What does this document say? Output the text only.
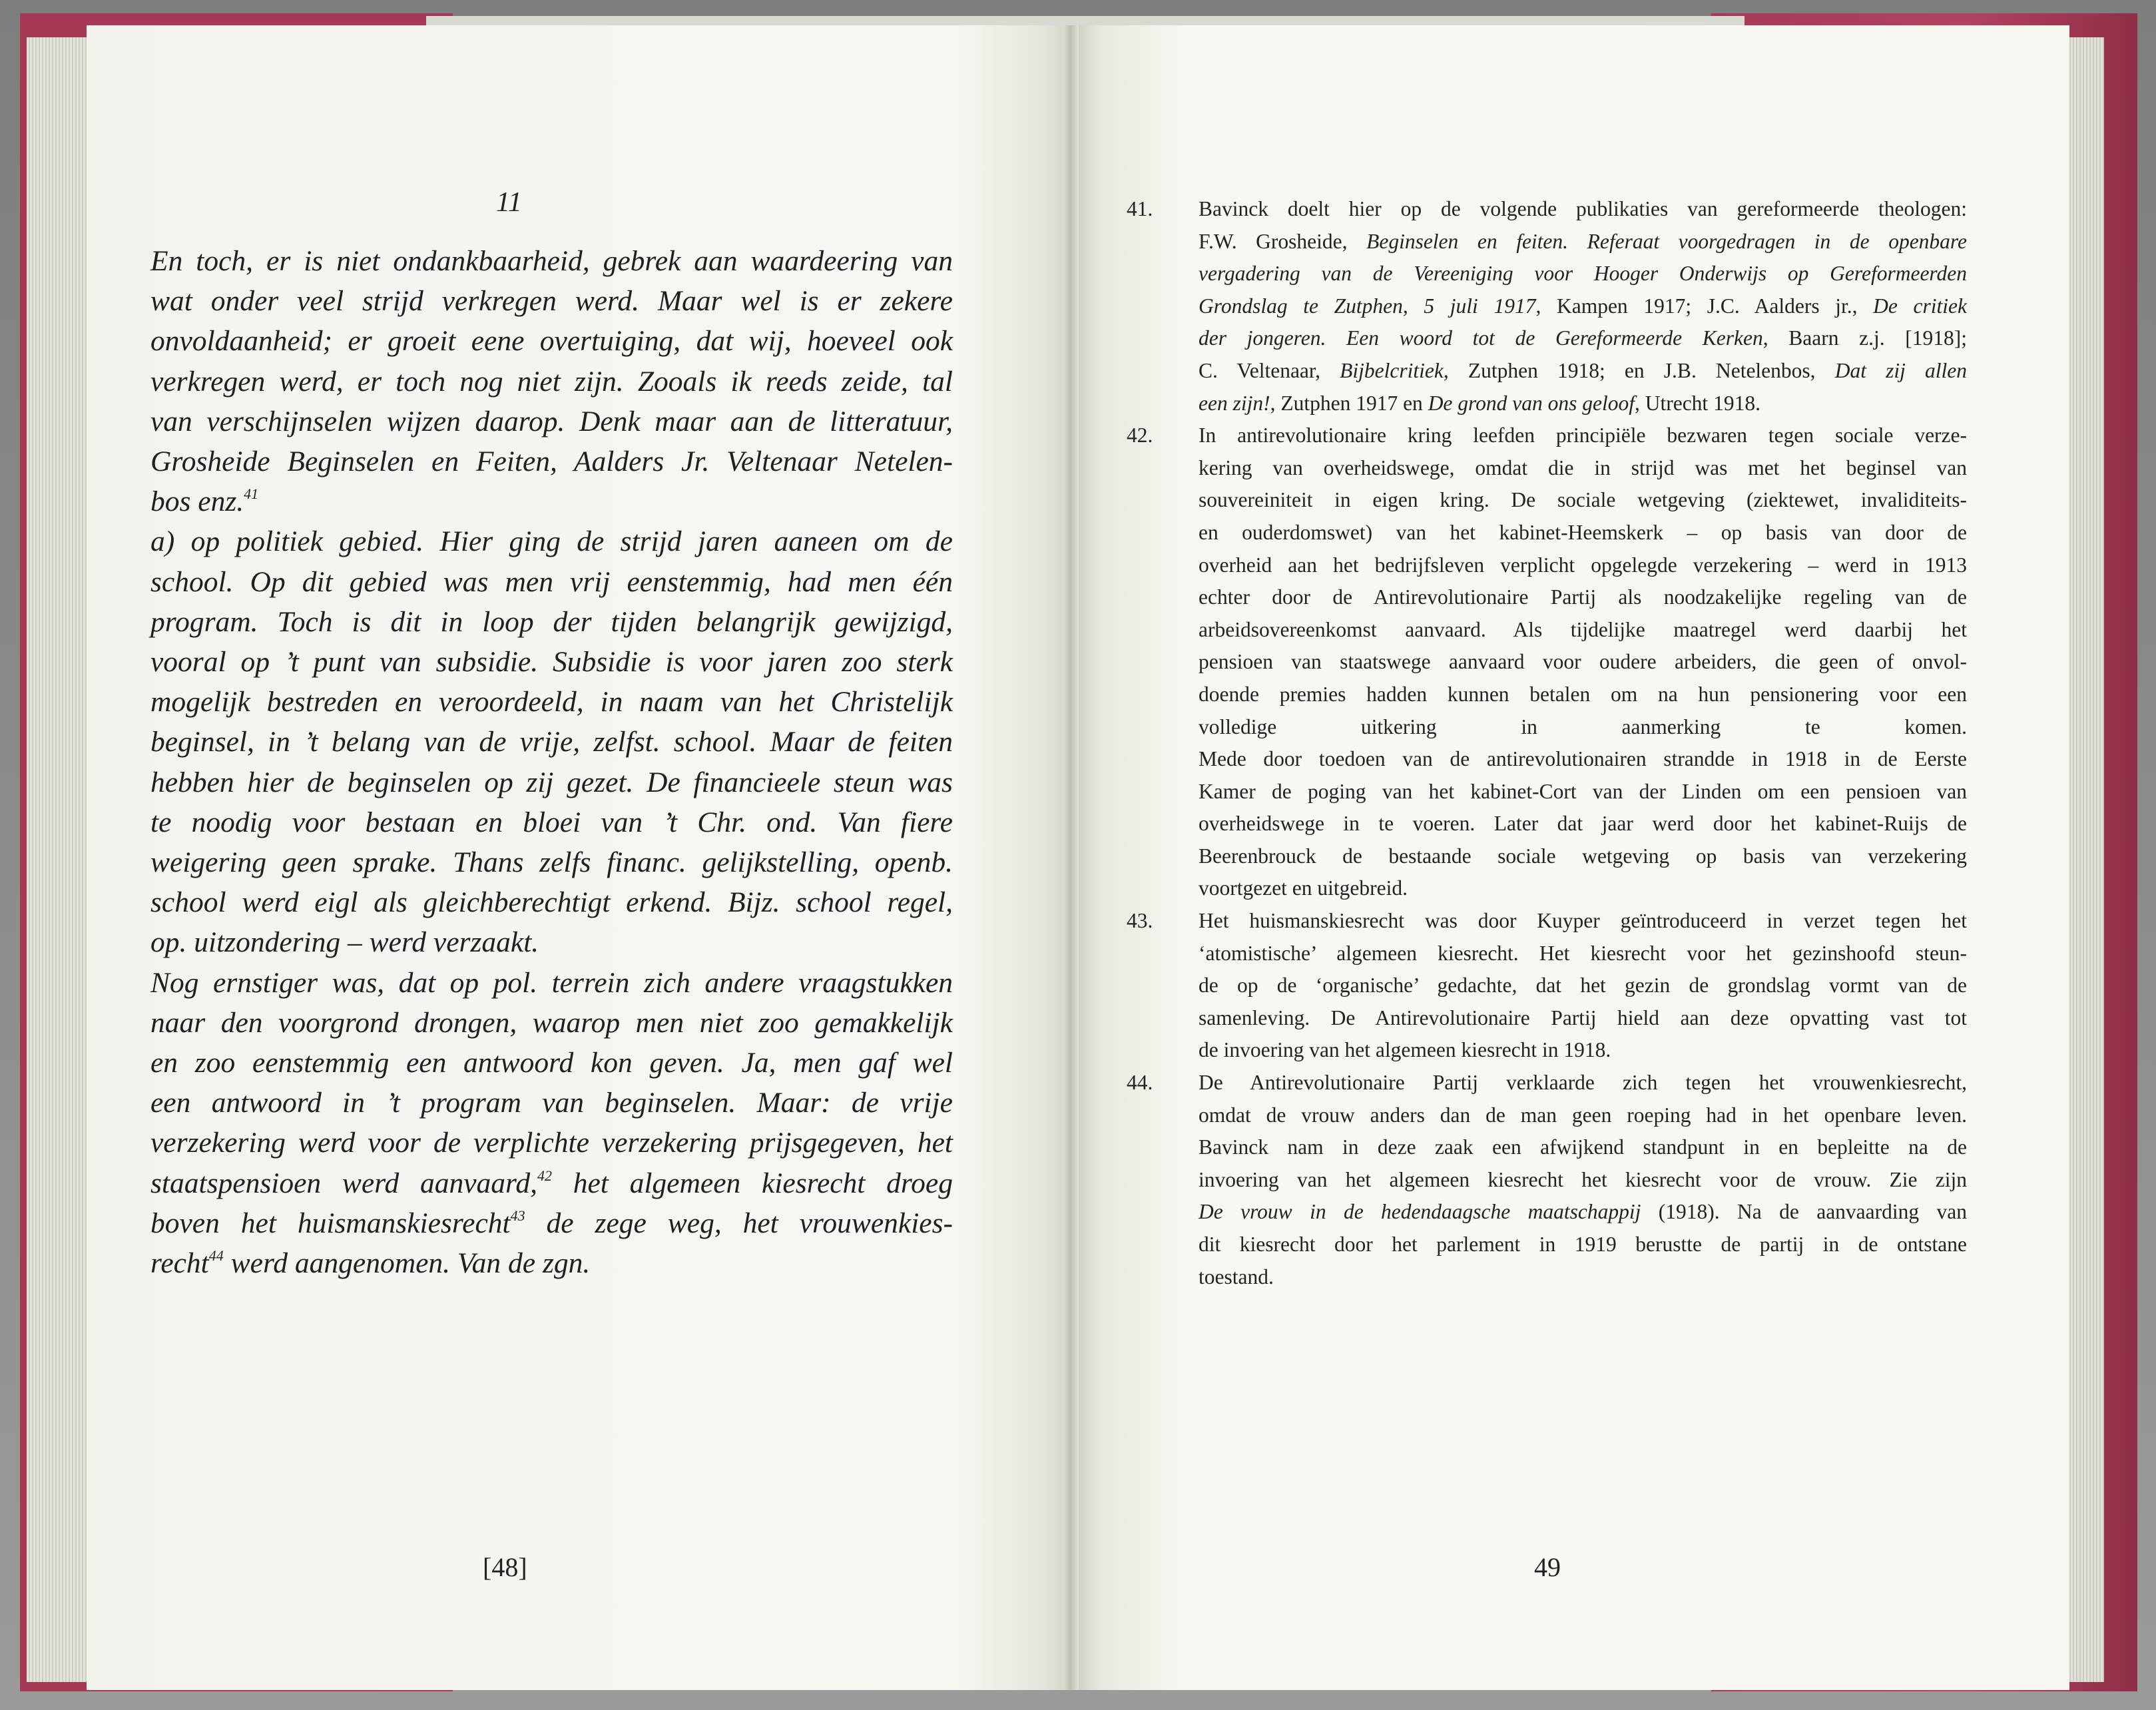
11
En toch, er is niet ondankbaarheid, gebrek aan waardeering van
wat onder veel strijd verkregen werd. Maar wel is er zekere
onvoldaanheid; er groeit eene overtuiging, dat wij, hoeveel ook
verkregen werd, er toch nog niet zijn. Zooals ik reeds zeide, tal
van verschijnselen wijzen daarop. Denk maar aan de litteratuur,
Grosheide Beginselen en Feiten, Aalders Jr. Veltenaar Netelen-
bos enz.$^{41}$
a) op politiek gebied. Hier ging de strijd jaren aaneen om de
school. Op dit gebied was men vrij eenstemmig, had men één
program. Toch is dit in loop der tijden belangrijk gewijzigd,
vooral op ’t punt van subsidie. Subsidie is voor jaren zoo sterk
mogelijk bestreden en veroordeeld, in naam van het Christelijk
beginsel, in ’t belang van de vrije, zelfst. school. Maar de feiten
hebben hier de beginselen op zij gezet. De financieele steun was
te noodig voor bestaan en bloei van ’t Chr. ond. Van fiere
weigering geen sprake. Thans zelfs financ. gelijkstelling, openb.
school werd eigl als gleichberechtigt erkend. Bijz. school regel,
op. uitzondering – werd verzaakt.
Nog ernstiger was, dat op pol. terrein zich andere vraagstukken
naar den voorgrond drongen, waarop men niet zoo gemakkelijk
en zoo eenstemmig een antwoord kon geven. Ja, men gaf wel
een antwoord in ’t program van beginselen. Maar: de vrije
verzekering werd voor de verplichte verzekering prijsgegeven, het
staatspensioen werd aanvaard,$^{42}$ het algemeen kiesrecht droeg
boven het huismanskiesrecht$^{43}$ de zege weg, het vrouwenkies-
recht$^{44}$ werd aangenomen. Van de zgn.
[48]
41.	Bavinck doelt hier op de volgende publikaties van gereformeerde theologen:
F.W. Grosheide, Beginselen en feiten. Referaat voorgedragen in de openbare
vergadering van de Vereeniging voor Hooger Onderwijs op Gereformeerden
Grondslag te Zutphen, 5 juli 1917, Kampen 1917; J.C. Aalders jr., De critiek
der jongeren. Een woord tot de Gereformeerde Kerken, Baarn z.j. [1918];
C. Veltenaar, Bijbelcritiek, Zutphen 1918; en J.B. Netelenbos, Dat zij allen
een zijn!, Zutphen 1917 en De grond van ons geloof, Utrecht 1918.
42.	In antirevolutionaire kring leefden principiële bezwaren tegen sociale verze-
kering van overheidswege, omdat die in strijd was met het beginsel van
souvereiniteit in eigen kring. De sociale wetgeving (ziektewet, invaliditeits-
en ouderdomswet) van het kabinet-Heemskerk – op basis van door de
overheid aan het bedrijfsleven verplicht opgelegde verzekering – werd in 1913
echter door de Antirevolutionaire Partij als noodzakelijke regeling van de
arbeidsovereenkomst aanvaard. Als tijdelijke maatregel werd daarbij het
pensioen van staatswege aanvaard voor oudere arbeiders, die geen of onvol-
doende premies hadden kunnen betalen om na hun pensionering voor een
volledige uitkering in aanmerking te komen.
Mede door toedoen van de antirevolutionairen strandde in 1918 in de Eerste
Kamer de poging van het kabinet-Cort van der Linden om een pensioen van
overheidswege in te voeren. Later dat jaar werd door het kabinet-Ruijs de
Beerenbrouck de bestaande sociale wetgeving op basis van verzekering
voortgezet en uitgebreid.
43.	Het huismanskiesrecht was door Kuyper geïntroduceerd in verzet tegen het
‘atomistische’ algemeen kiesrecht. Het kiesrecht voor het gezinshoofd steun-
de op de ‘organische’ gedachte, dat het gezin de grondslag vormt van de
samenleving. De Antirevolutionaire Partij hield aan deze opvatting vast tot
de invoering van het algemeen kiesrecht in 1918.
44.	De Antirevolutionaire Partij verklaarde zich tegen het vrouwenkiesrecht,
omdat de vrouw anders dan de man geen roeping had in het openbare leven.
Bavinck nam in deze zaak een afwijkend standpunt in en bepleitte na de
invoering van het algemeen kiesrecht het kiesrecht voor de vrouw. Zie zijn
De vrouw in de hedendaagsche maatschappij (1918). Na de aanvaarding van
dit kiesrecht door het parlement in 1919 berustte de partij in de ontstane
toestand.
49
